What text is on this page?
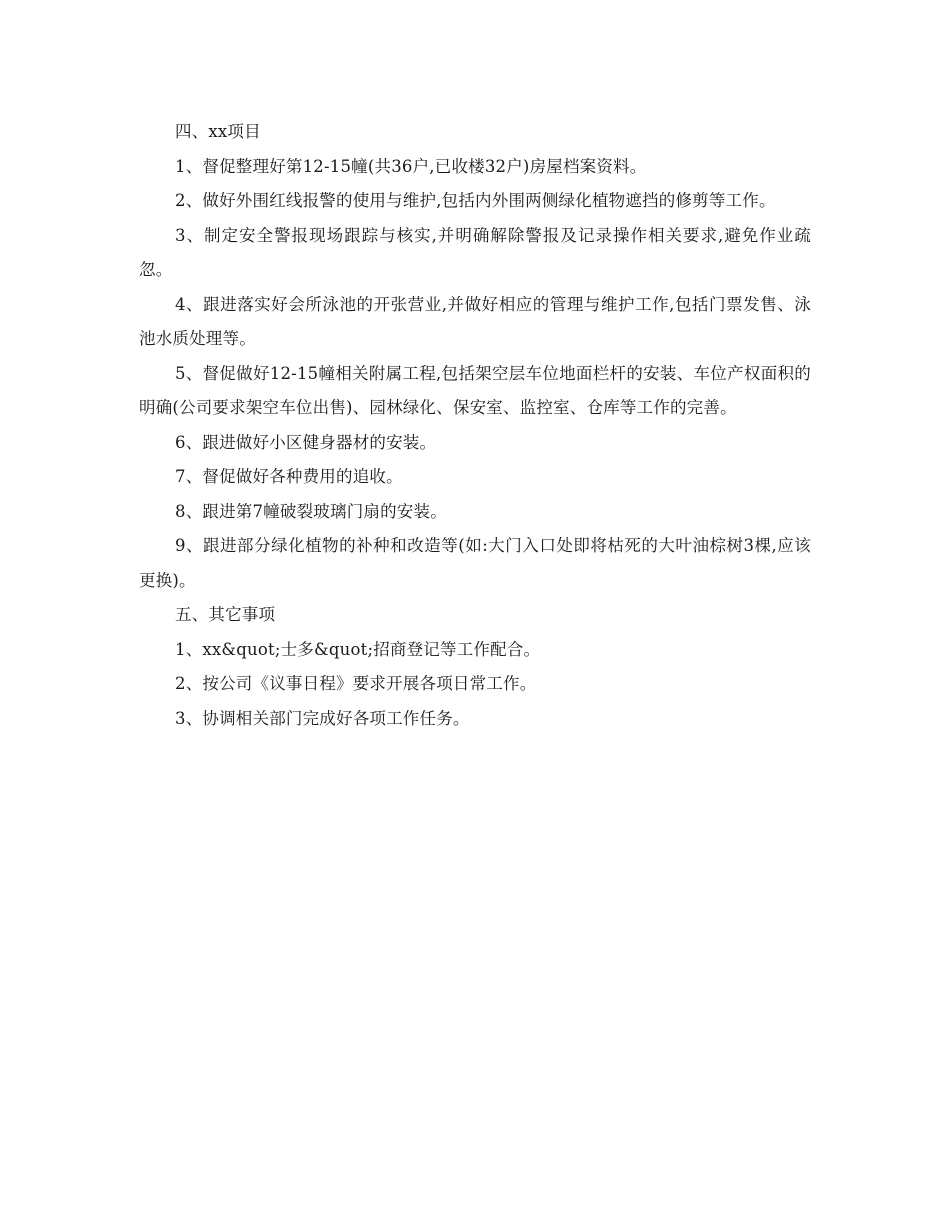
四、xx项目

1、督促整理好第12-15幢(共36户,已收楼32户)房屋档案资料。

2、做好外围红线报警的使用与维护,包括内外围两侧绿化植物遮挡的修剪等工作。

3、制定安全警报现场跟踪与核实,并明确解除警报及记录操作相关要求,避免作业疏忽。

4、跟进落实好会所泳池的开张营业,并做好相应的管理与维护工作,包括门票发售、泳池水质处理等。

5、督促做好12-15幢相关附属工程,包括架空层车位地面栏杆的安装、车位产权面积的明确(公司要求架空车位出售)、园林绿化、保安室、监控室、仓库等工作的完善。

6、跟进做好小区健身器材的安装。

7、督促做好各种费用的追收。

8、跟进第7幢破裂玻璃门扇的安装。

9、跟进部分绿化植物的补种和改造等(如:大门入口处即将枯死的大叶油棕树3棵,应该更换)。

五、其它事项

1、xx&quot;士多&quot;招商登记等工作配合。

2、按公司《议事日程》要求开展各项日常工作。

3、协调相关部门完成好各项工作任务。
